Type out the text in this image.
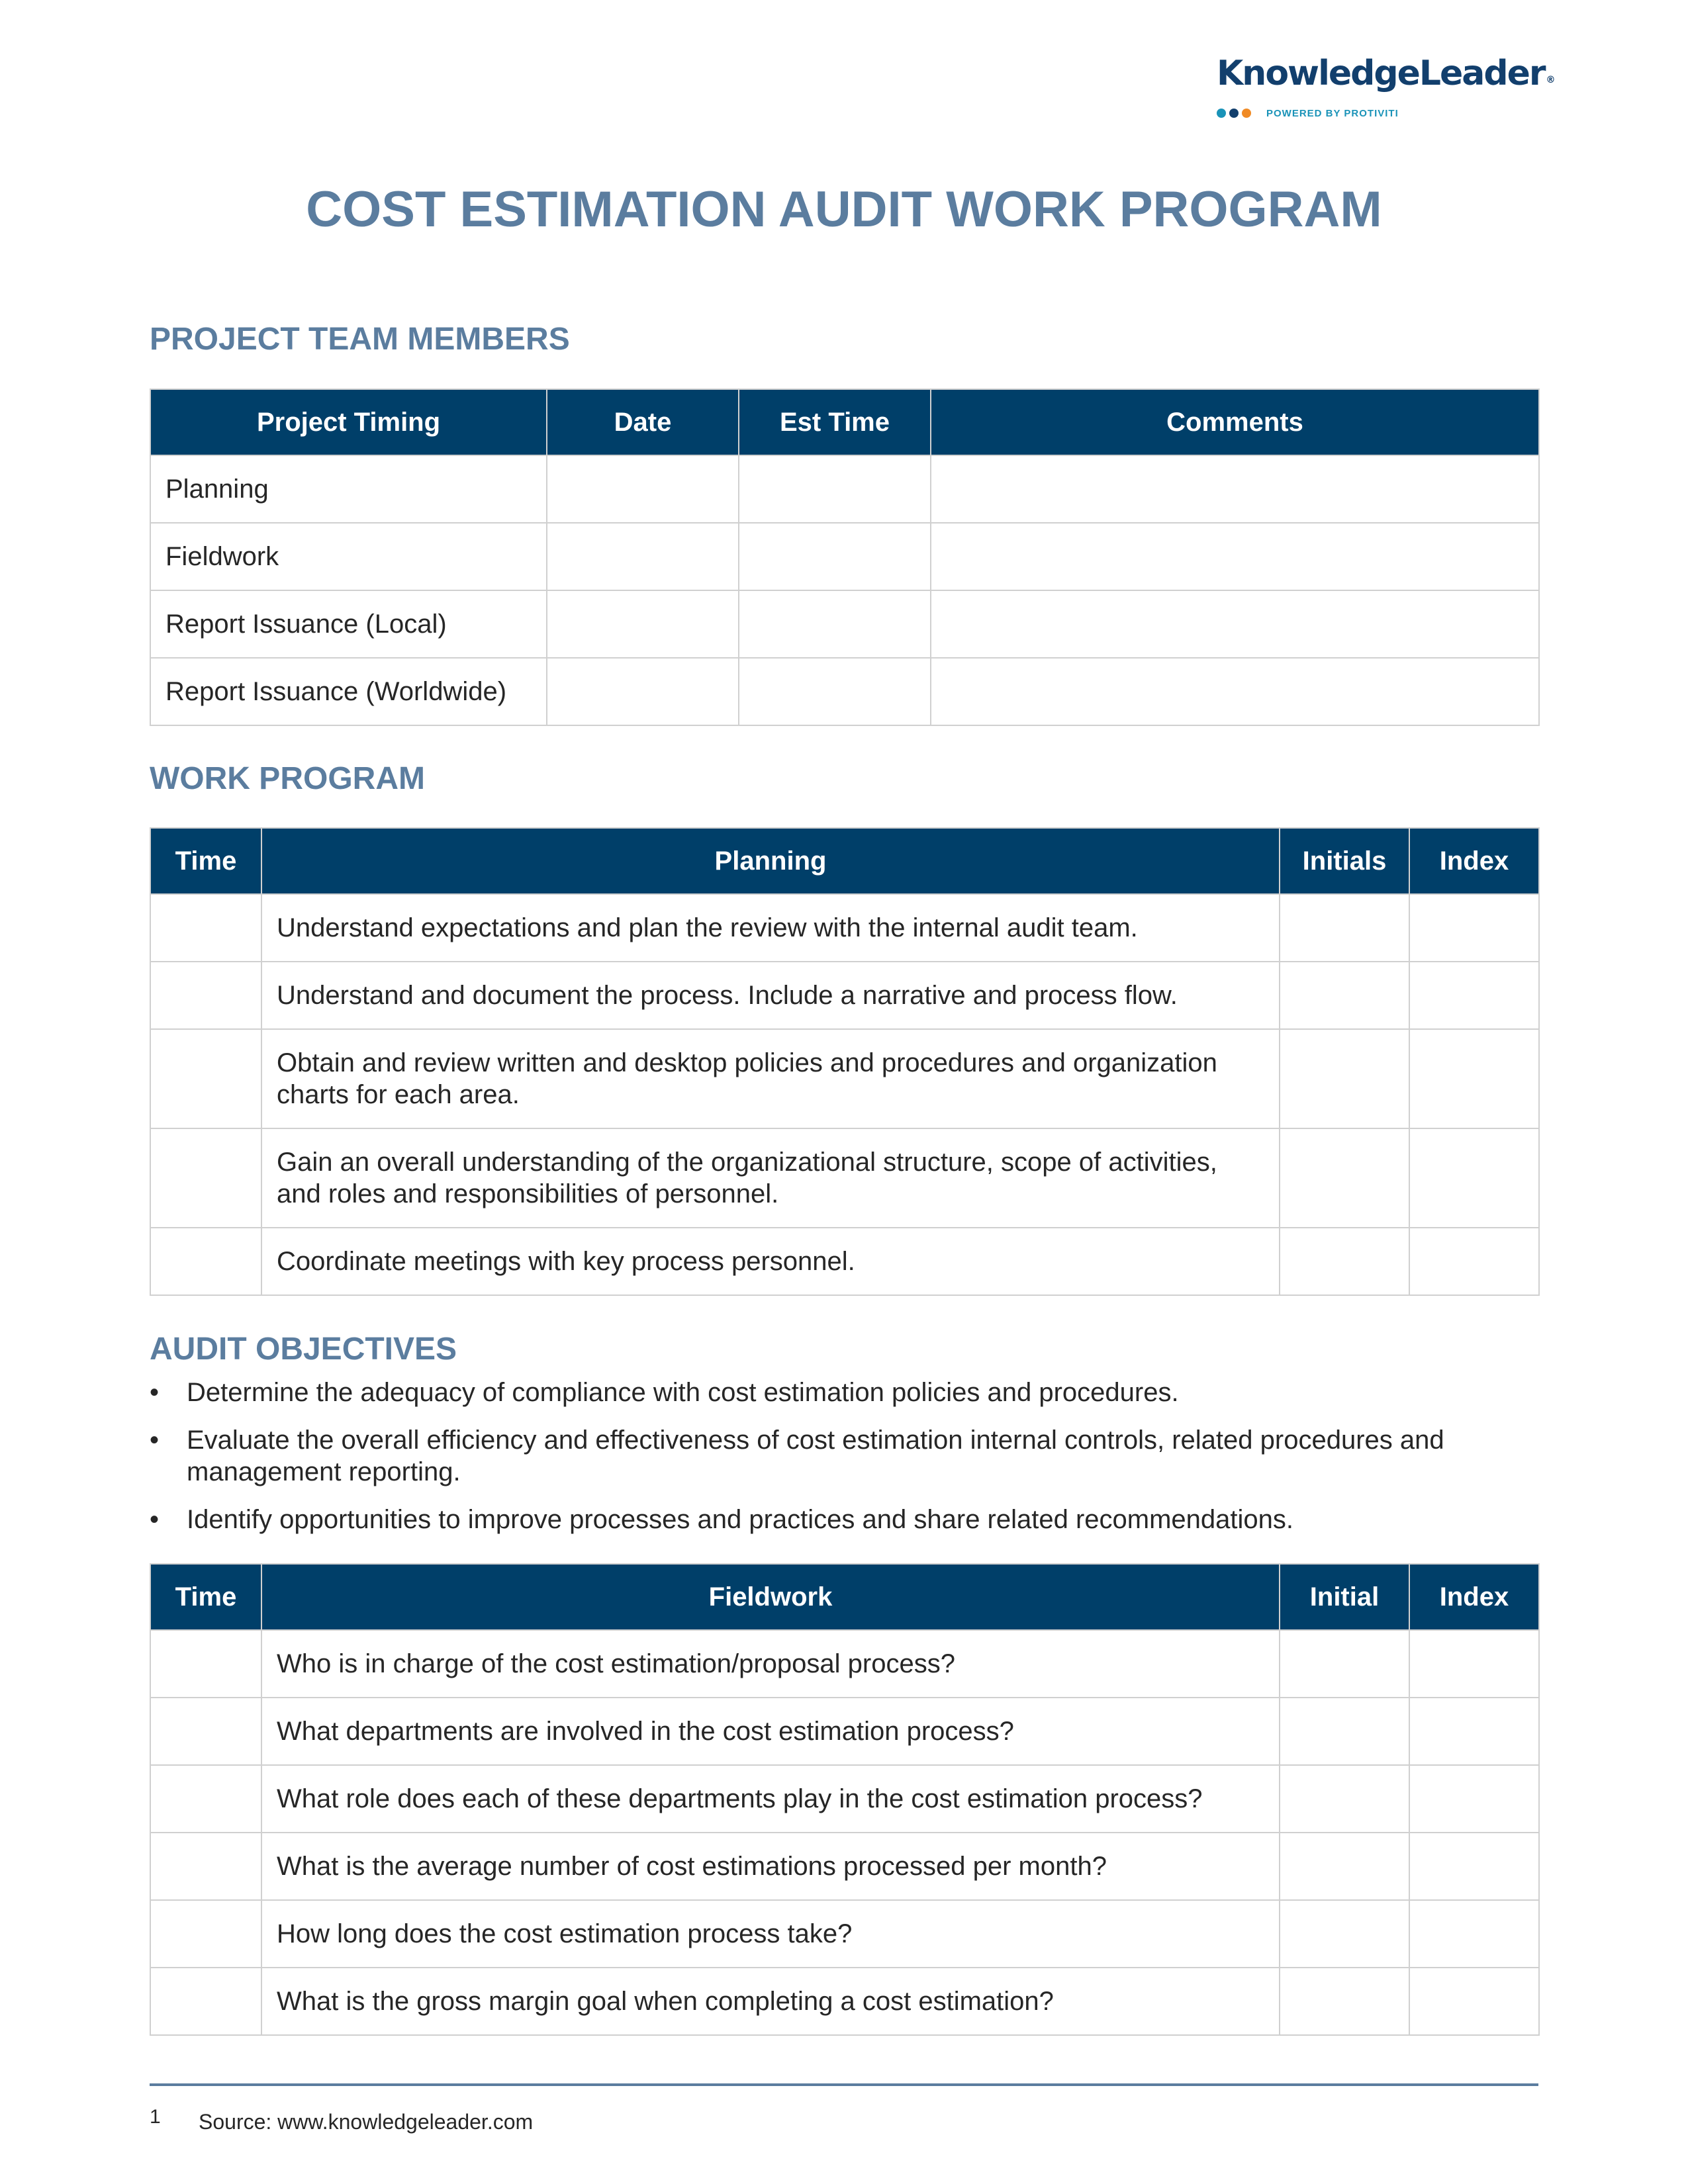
KnowledgeLeader ®
POWERED BY PROTIVITI
COST ESTIMATION AUDIT WORK PROGRAM
PROJECT TEAM MEMBERS
Project Timing	Date	Est Time	Comments
Planning			
Fieldwork			
Report Issuance (Local)			
Report Issuance (Worldwide)			
WORK PROGRAM
Time	Planning	Initials	Index
	Understand expectations and plan the review with the internal audit team.		
	Understand and document the process. Include a narrative and process flow.		
	Obtain and review written and desktop policies and procedures and organization charts for each area.		
	Gain an overall understanding of the organizational structure, scope of activities, and roles and responsibilities of personnel.		
	Coordinate meetings with key process personnel.		
AUDIT OBJECTIVES
• Determine the adequacy of compliance with cost estimation policies and procedures.
• Evaluate the overall efficiency and effectiveness of cost estimation internal controls, related procedures and management reporting.
• Identify opportunities to improve processes and practices and share related recommendations.
Time	Fieldwork	Initial	Index
	Who is in charge of the cost estimation/proposal process?		
	What departments are involved in the cost estimation process?		
	What role does each of these departments play in the cost estimation process?		
	What is the average number of cost estimations processed per month?		
	How long does the cost estimation process take?		
	What is the gross margin goal when completing a cost estimation?		
1 Source: www.knowledgeleader.com
